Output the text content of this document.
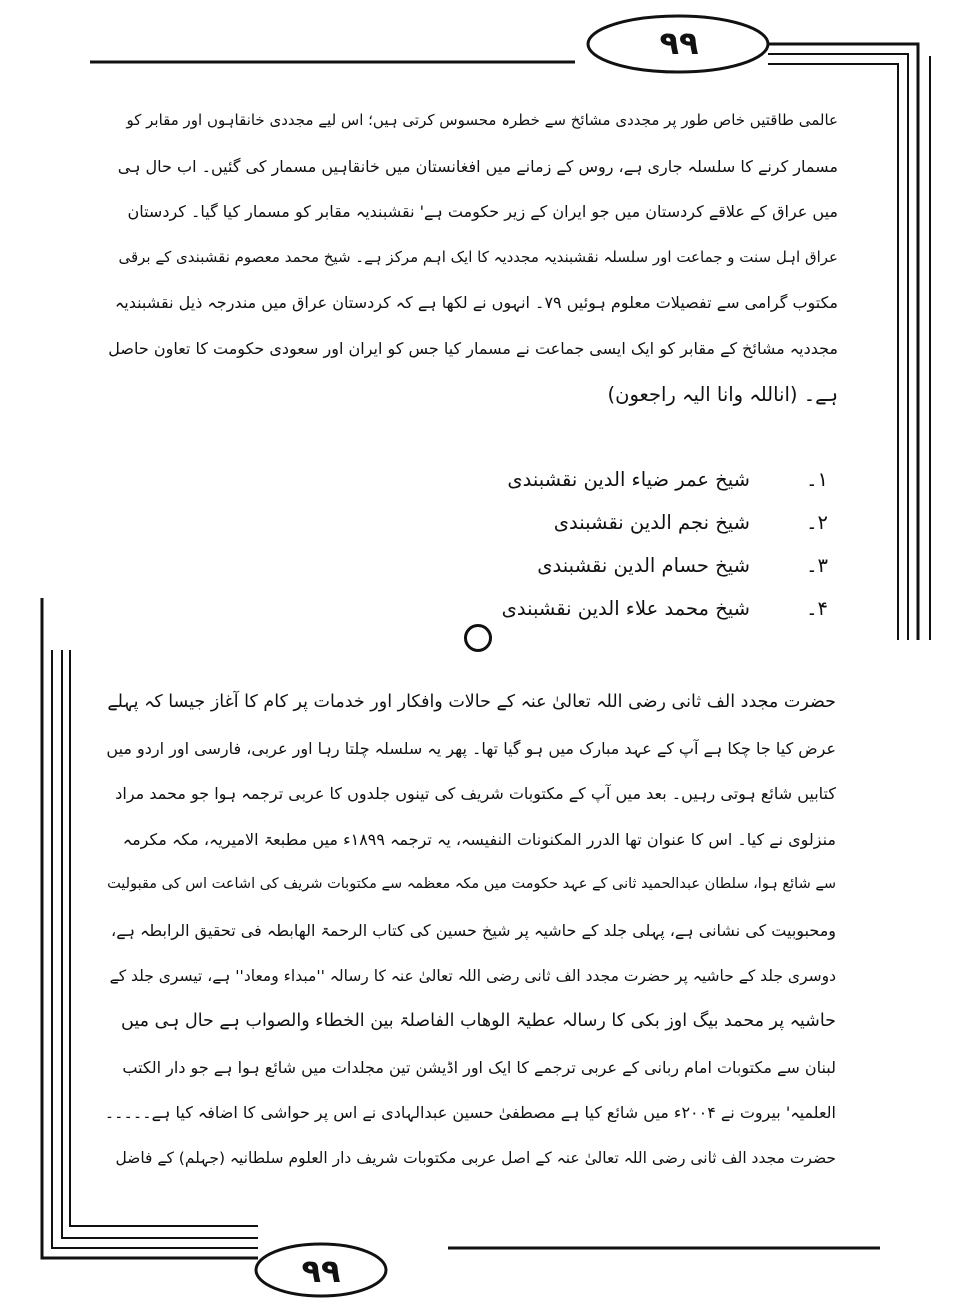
۹۹
عالمی طاقتیں خاص طور پر مجددی مشائخ سے خطرہ محسوس کرتی ہیں؛ اس لیے مجددی خانقاہوں اور مقابر کو
مسمار کرنے کا سلسلہ جاری ہے، روس کے زمانے میں افغانستان میں خانقاہیں مسمار کی گئیں۔ اب حال ہی
میں عراق کے علاقے کردستان میں جو ایران کے زیر حکومت ہے' نقشبندیہ مقابر کو مسمار کیا گیا۔ کردستان
عراق اہل سنت و جماعت اور سلسلہ نقشبندیہ مجددیہ کا ایک اہم مرکز ہے۔ شیخ محمد معصوم نقشبندی کے برقی
مکتوب گرامی سے تفصیلات معلوم ہوئیں ۷۹۔ انہوں نے لکھا ہے کہ کردستان عراق میں مندرجہ ذیل نقشبندیہ
مجددیہ مشائخ کے مقابر کو ایک ایسی جماعت نے مسمار کیا جس کو ایران اور سعودی حکومت کا تعاون حاصل
ہے۔ (اناللہ وانا الیہ راجعون)
۱۔
شیخ عمر ضیاء الدین نقشبندی
۲۔
شیخ نجم الدین نقشبندی
۳۔
شیخ حسام الدین نقشبندی
۴۔
شیخ محمد علاء الدین نقشبندی
حضرت مجدد الف ثانی رضی اللہ تعالیٰ عنہ کے حالات وافکار اور خدمات پر کام کا آغاز جیسا کہ پہلے
عرض کیا جا چکا ہے آپ کے عہد مبارک میں ہو گیا تھا۔ پھر یہ سلسلہ چلتا رہا اور عربی، فارسی اور اردو میں
کتابیں شائع ہوتی رہیں۔ بعد میں آپ کے مکتوبات شریف کی تینوں جلدوں کا عربی ترجمہ ہوا جو محمد مراد
منزلوی نے کیا۔ اس کا عنوان تھا الدرر المکنونات النفیسہ، یہ ترجمہ ۱۸۹۹ء میں مطبعۃ الامیریہ، مکہ مکرمہ
سے شائع ہوا، سلطان عبدالحمید ثانی کے عہد حکومت میں مکہ معظمہ سے مکتوبات شریف کی اشاعت اس کی مقبولیت
ومحبوبیت کی نشانی ہے، پہلی جلد کے حاشیہ پر شیخ حسین کی کتاب الرحمۃ الھابطہ فی تحقیق الرابطہ ہے،
دوسری جلد کے حاشیہ پر حضرت مجدد الف ثانی رضی اللہ تعالیٰ عنہ کا رسالہ ''مبداء ومعاد'' ہے، تیسری جلد کے
حاشیہ پر محمد بیگ اوز بکی کا رسالہ عطیۃ الوھاب الفاصلۃ بین الخطاء والصواب ہے حال ہی میں
لبنان سے مکتوبات امام ربانی کے عربی ترجمے کا ایک اور اڈیشن تین مجلدات میں شائع ہوا ہے جو دار الکتب
العلمیہ' بیروت نے ۲۰۰۴ء میں شائع کیا ہے مصطفیٰ حسین عبدالہادی نے اس پر حواشی کا اضافہ کیا ہے۔۔۔۔۔
حضرت مجدد الف ثانی رضی اللہ تعالیٰ عنہ کے اصل عربی مکتوبات شریف دار العلوم سلطانیہ (جہلم) کے فاضل
۹۹
